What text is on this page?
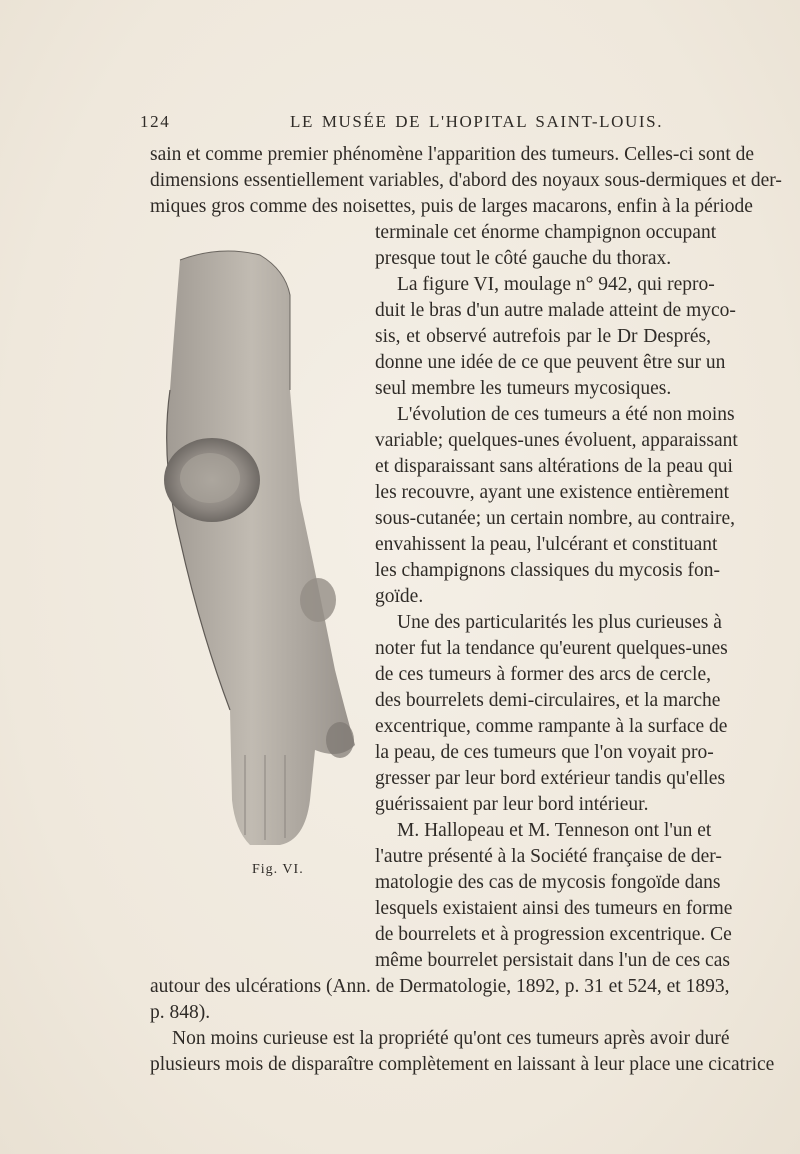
124	LE MUSÉE DE L'HOPITAL SAINT-LOUIS.
Fig. VI.
sain et comme premier phénomène l'apparition des tumeurs. Celles-ci sont de
dimensions essentiellement variables, d'abord des noyaux sous-dermiques et der-
miques gros comme des noisettes, puis de larges macarons, enfin à la période
terminale cet énorme champignon occupant
presque tout le côté gauche du thorax.
La figure VI, moulage n° 942, qui repro-
duit le bras d'un autre malade atteint de myco-
sis, et observé autrefois par le Dr Després,
donne une idée de ce que peuvent être sur un
seul membre les tumeurs mycosiques.
L'évolution de ces tumeurs a été non moins
variable; quelques-unes évoluent, apparaissant
et disparaissant sans altérations de la peau qui
les recouvre, ayant une existence entièrement
sous-cutanée; un certain nombre, au contraire,
envahissent la peau, l'ulcérant et constituant
les champignons classiques du mycosis fon-
goïde.
Une des particularités les plus curieuses à
noter fut la tendance qu'eurent quelques-unes
de ces tumeurs à former des arcs de cercle,
des bourrelets demi-circulaires, et la marche
excentrique, comme rampante à la surface de
la peau, de ces tumeurs que l'on voyait pro-
gresser par leur bord extérieur tandis qu'elles
guérissaient par leur bord intérieur.
M. Hallopeau et M. Tenneson ont l'un et
l'autre présenté à la Société française de der-
matologie des cas de mycosis fongoïde dans
lesquels existaient ainsi des tumeurs en forme
de bourrelets et à progression excentrique. Ce
même bourrelet persistait dans l'un de ces cas
autour des ulcérations (Ann. de Dermatologie, 1892, p. 31 et 524, et 1893,
p. 848).
Non moins curieuse est la propriété qu'ont ces tumeurs après avoir duré
plusieurs mois de disparaître complètement en laissant à leur place une cicatrice
